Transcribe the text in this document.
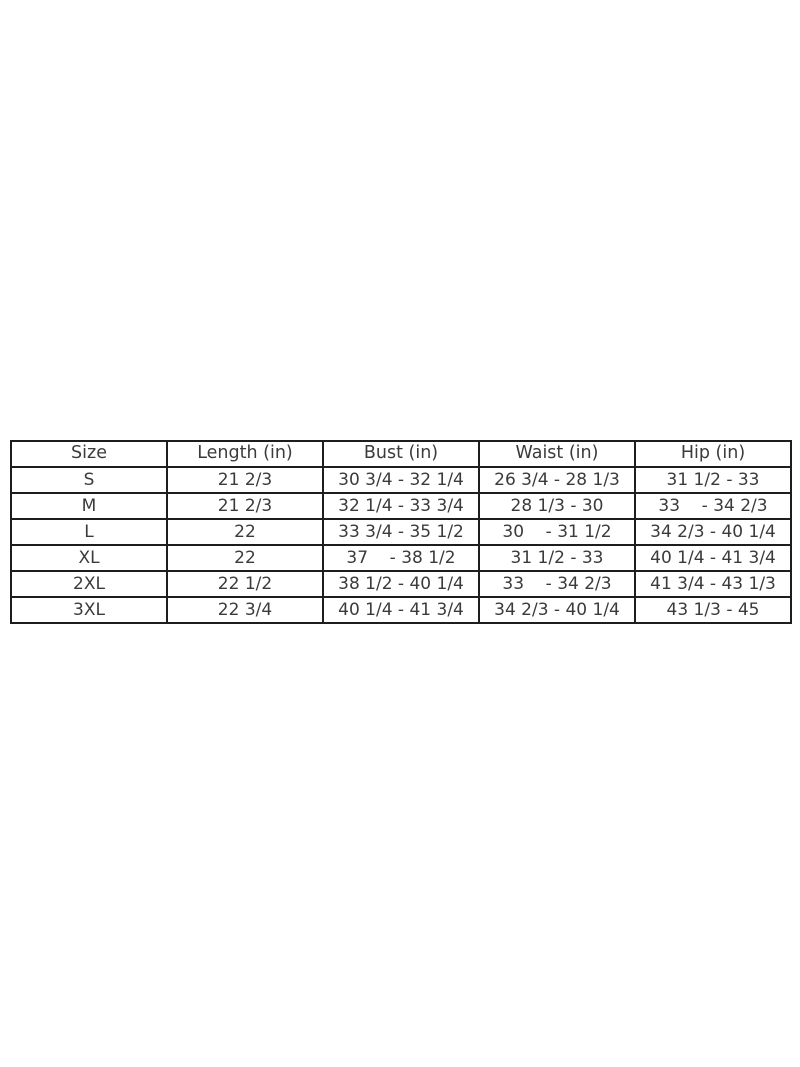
Size	Length (in)	Bust (in)	Waist (in)	Hip (in)
S	21 2/3	30 3/4 - 32 1/4	26 3/4 - 28 1/3	31 1/2 - 33
M	21 2/3	32 1/4 - 33 3/4	28 1/3 - 30	33    - 34 2/3
L	22	33 3/4 - 35 1/2	30    - 31 1/2	34 2/3 - 40 1/4
XL	22	37    - 38 1/2	31 1/2 - 33	40 1/4 - 41 3/4
2XL	22 1/2	38 1/2 - 40 1/4	33    - 34 2/3	41 3/4 - 43 1/3
3XL	22 3/4	40 1/4 - 41 3/4	34 2/3 - 40 1/4	43 1/3 - 45
